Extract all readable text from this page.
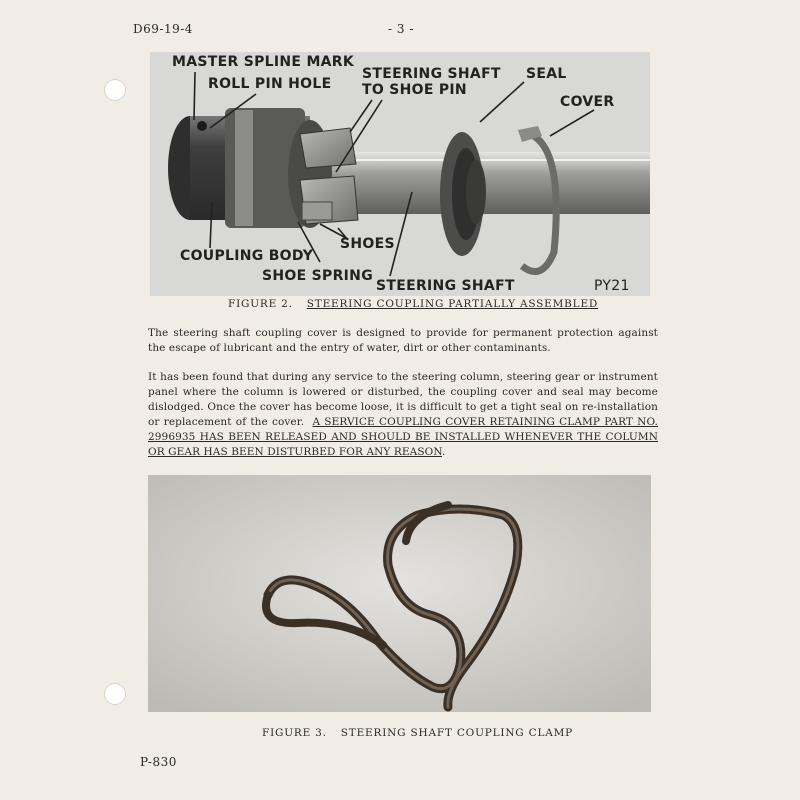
D69-19-4	- 3 -
MASTER SPLINE MARK
ROLL PIN HOLE
STEERING SHAFT
TO SHOE PIN
SEAL
COVER
SHOES
COUPLING BODY
SHOE SPRING
STEERING SHAFT	PY21
FIGURE 2. STEERING COUPLING PARTIALLY ASSEMBLED
The steering shaft coupling cover is designed to provide for permanent protection against the escape of lubricant and the entry of water, dirt or other contaminants.
It has been found that during any service to the steering column, steering gear or instrument panel where the column is lowered or disturbed, the coupling cover and seal may become dislodged. Once the cover has become loose, it is difficult to get a tight seal on re-installation or replacement of the cover. A SERVICE COUPLING COVER RETAINING CLAMP PART NO. 2996935 HAS BEEN RELEASED AND SHOULD BE INSTALLED WHENEVER THE COLUMN OR GEAR HAS BEEN DISTURBED FOR ANY REASON.
FIGURE 3. STEERING SHAFT COUPLING CLAMP
P-830
